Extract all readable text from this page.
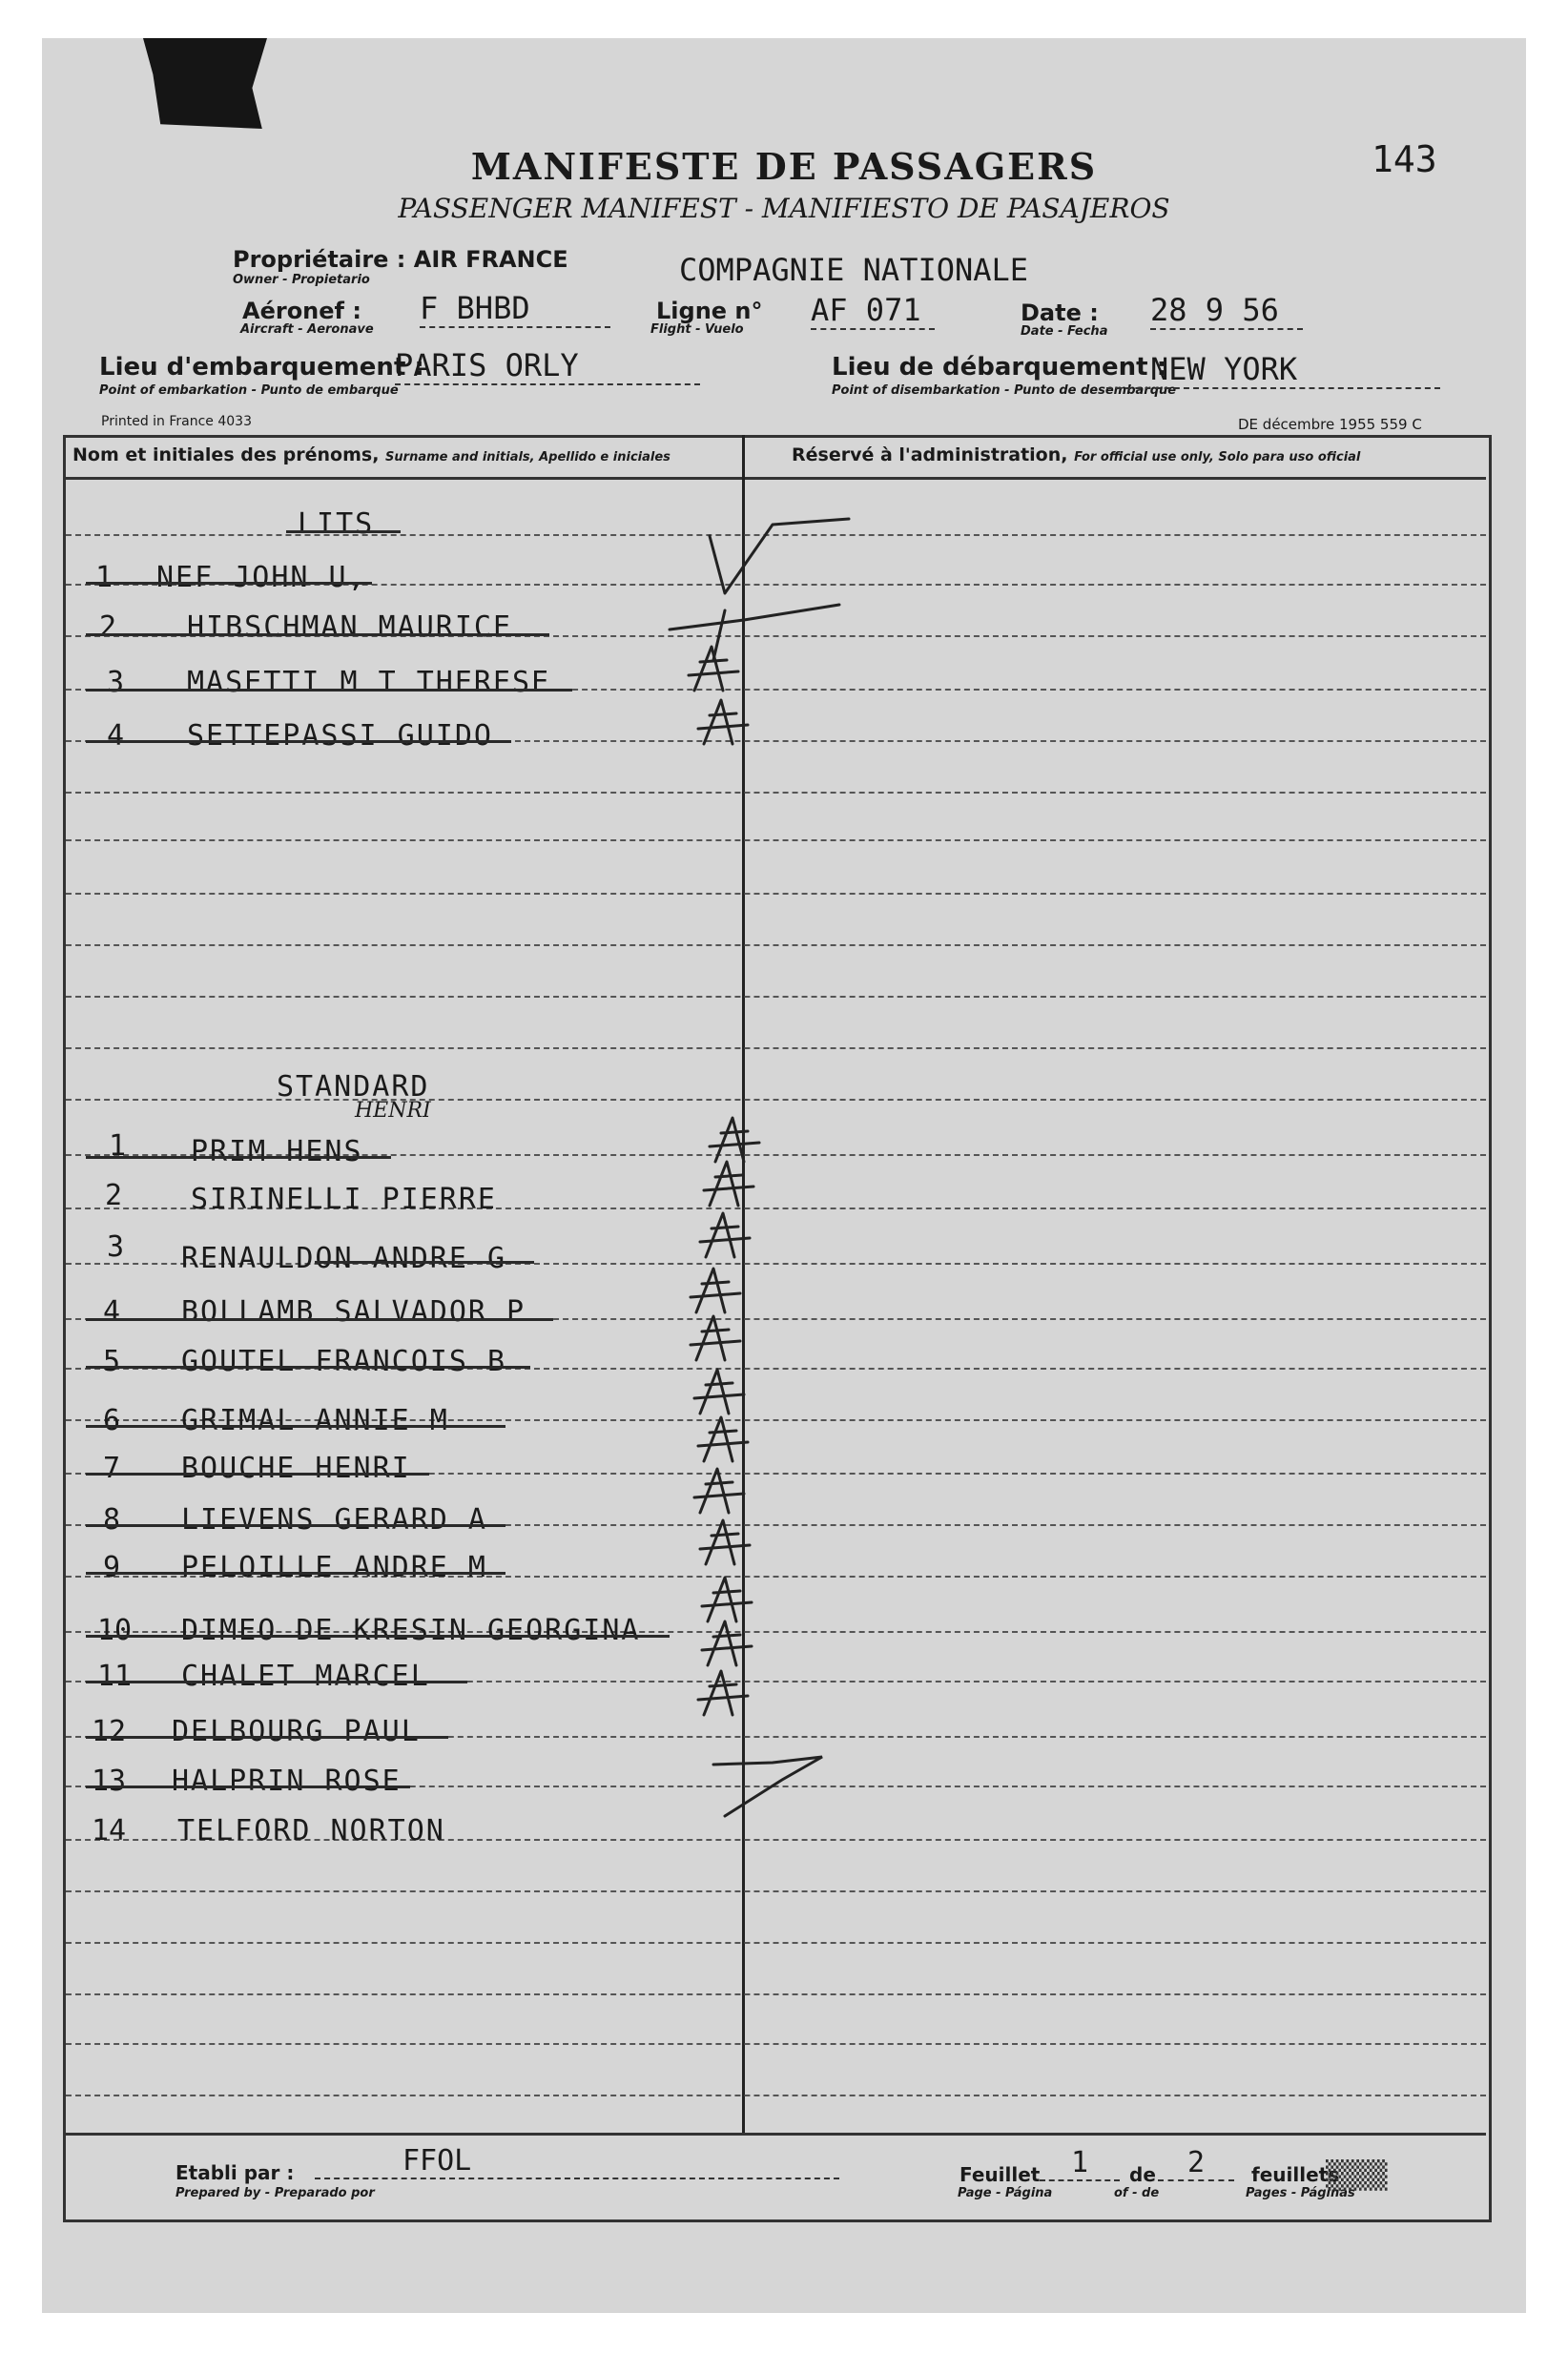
143
MANIFESTE DE PASSAGERS
PASSENGER MANIFEST - MANIFIESTO DE PASAJEROS
Propriétaire : AIR FRANCE
Owner - Propietario	COMPAGNIE NATIONALE
Aéronef :
Aircraft - Aeronave
F BHBD	Ligne n°
Flight - Vuelo
AF 071	Date :
Date - Fecha
28 9 56
Lieu d'embarquement :
Point of embarkation - Punto de embarque
PARIS ORLY	Lieu de débarquement :
Point of disembarkation - Punto de desembarque
NEW YORK
Printed in France 4033	DE décembre 1955 559 C
Nom et initiales des prénoms, Surname and initials, Apellido e iniciales	Réservé à l'administration, For official use only, Solo para uso oficial
LITS
STANDARD
HENRI
1 NEF JOHN U,
2 HIBSCHMAN MAURICE
3 MASETTI M T THERESE
4 SETTEPASSI GUIDO
1 PRIM HENS
2 SIRINELLI PIERRE
3 RENAULDON ANDRE G
4 BOLLAMB SALVADOR P
5 GOUTEL FRANCOIS B
6 GRIMAL ANNIE M
7 BOUCHE HENRI
8 LIEVENS GERARD A
9 PELOILLE ANDRE M
10 DIMEO DE KRESIN GEORGINA
11 CHALET MARCEL
12 DELBOURG PAUL
13 HALPRIN ROSE
14 TELFORD NORTON
Etabli par :
Prepared by - Preparado por
FFOL	Feuillet
Page - Página
1	de
of - de
2	feuillets
Pages - Páginas
▒▒▒
